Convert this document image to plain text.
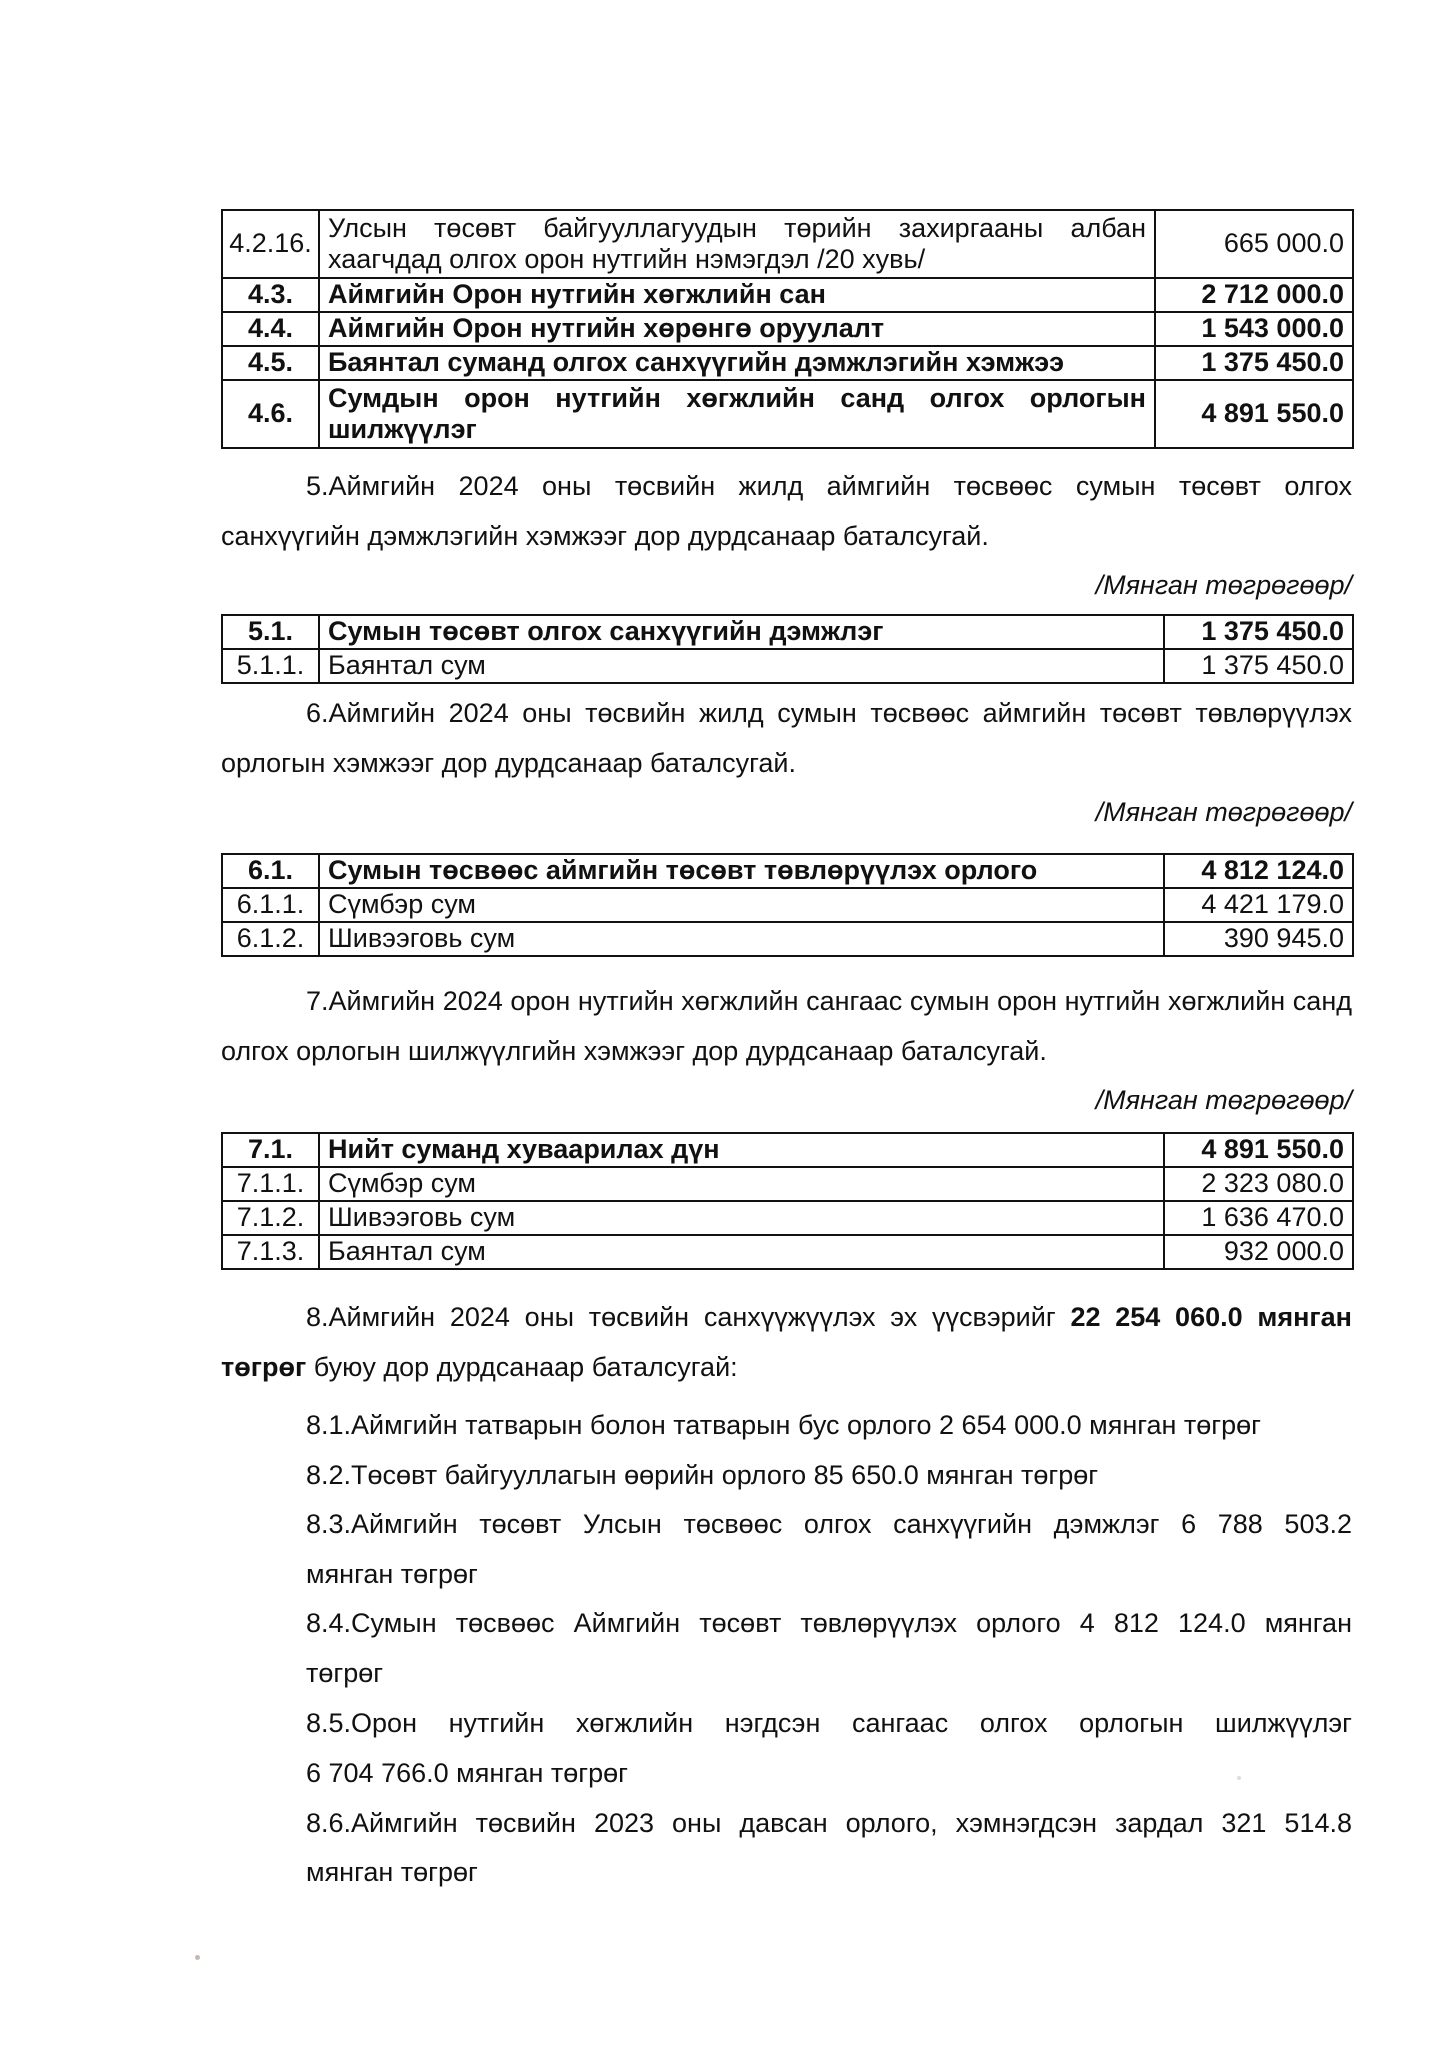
4.2.16.	Улсын төсөвт байгууллагуудын төрийн захиргааны албан
хаагчдад олгох орон нутгийн нэмэгдэл /20 хувь/	665 000.0
4.3.	Аймгийн Орон нутгийн хөгжлийн сан	2 712 000.0
4.4.	Аймгийн Орон нутгийн хөрөнгө оруулалт	1 543 000.0
4.5.	Баянтал суманд олгох санхүүгийн дэмжлэгийн хэмжээ	1 375 450.0
4.6.	Сумдын орон нутгийн хөгжлийн санд олгох орлогын
шилжүүлэг	4 891 550.0
5.Аймгийн 2024 оны төсвийн жилд аймгийн төсвөөс сумын төсөвт олгох санхүүгийн дэмжлэгийн хэмжээг дор дурдсанаар баталсугай.
/Мянган төгрөгөөр/
5.1.	Сумын төсөвт олгох санхүүгийн дэмжлэг	1 375 450.0
5.1.1.	Баянтал сум	1 375 450.0
6.Аймгийн 2024 оны төсвийн жилд сумын төсвөөс аймгийн төсөвт төвлөрүүлэх орлогын хэмжээг дор дурдсанаар баталсугай.
/Мянган төгрөгөөр/
6.1.	Сумын төсвөөс аймгийн төсөвт төвлөрүүлэх орлого	4 812 124.0
6.1.1.	Сүмбэр сум	4 421 179.0
6.1.2.	Шивээговь сум	390 945.0
7.Аймгийн 2024 орон нутгийн хөгжлийн сангаас сумын орон нутгийн хөгжлийн санд олгох орлогын шилжүүлгийн хэмжээг дор дурдсанаар баталсугай.
/Мянган төгрөгөөр/
7.1.	Нийт суманд хуваарилах дүн	4 891 550.0
7.1.1.	Сүмбэр сум	2 323 080.0
7.1.2.	Шивээговь сум	1 636 470.0
7.1.3.	Баянтал сум	932 000.0
8.Аймгийн 2024 оны төсвийн санхүүжүүлэх эх үүсвэрийг 22 254 060.0 мянган төгрөг буюу дор дурдсанаар баталсугай:
8.1.Аймгийн татварын болон татварын бус орлого 2 654 000.0 мянган төгрөг
8.2.Төсөвт байгууллагын өөрийн орлого 85 650.0 мянган төгрөг
8.3.Аймгийн төсөвт Улсын төсвөөс олгох санхүүгийн дэмжлэг 6 788 503.2
мянган төгрөг
8.4.Сумын төсвөөс Аймгийн төсөвт төвлөрүүлэх орлого 4 812 124.0 мянган
төгрөг
8.5.Орон нутгийн хөгжлийн нэгдсэн сангаас олгох орлогын шилжүүлэг
6 704 766.0 мянган төгрөг
8.6.Аймгийн төсвийн 2023 оны давсан орлого, хэмнэгдсэн зардал 321 514.8
мянган төгрөг
